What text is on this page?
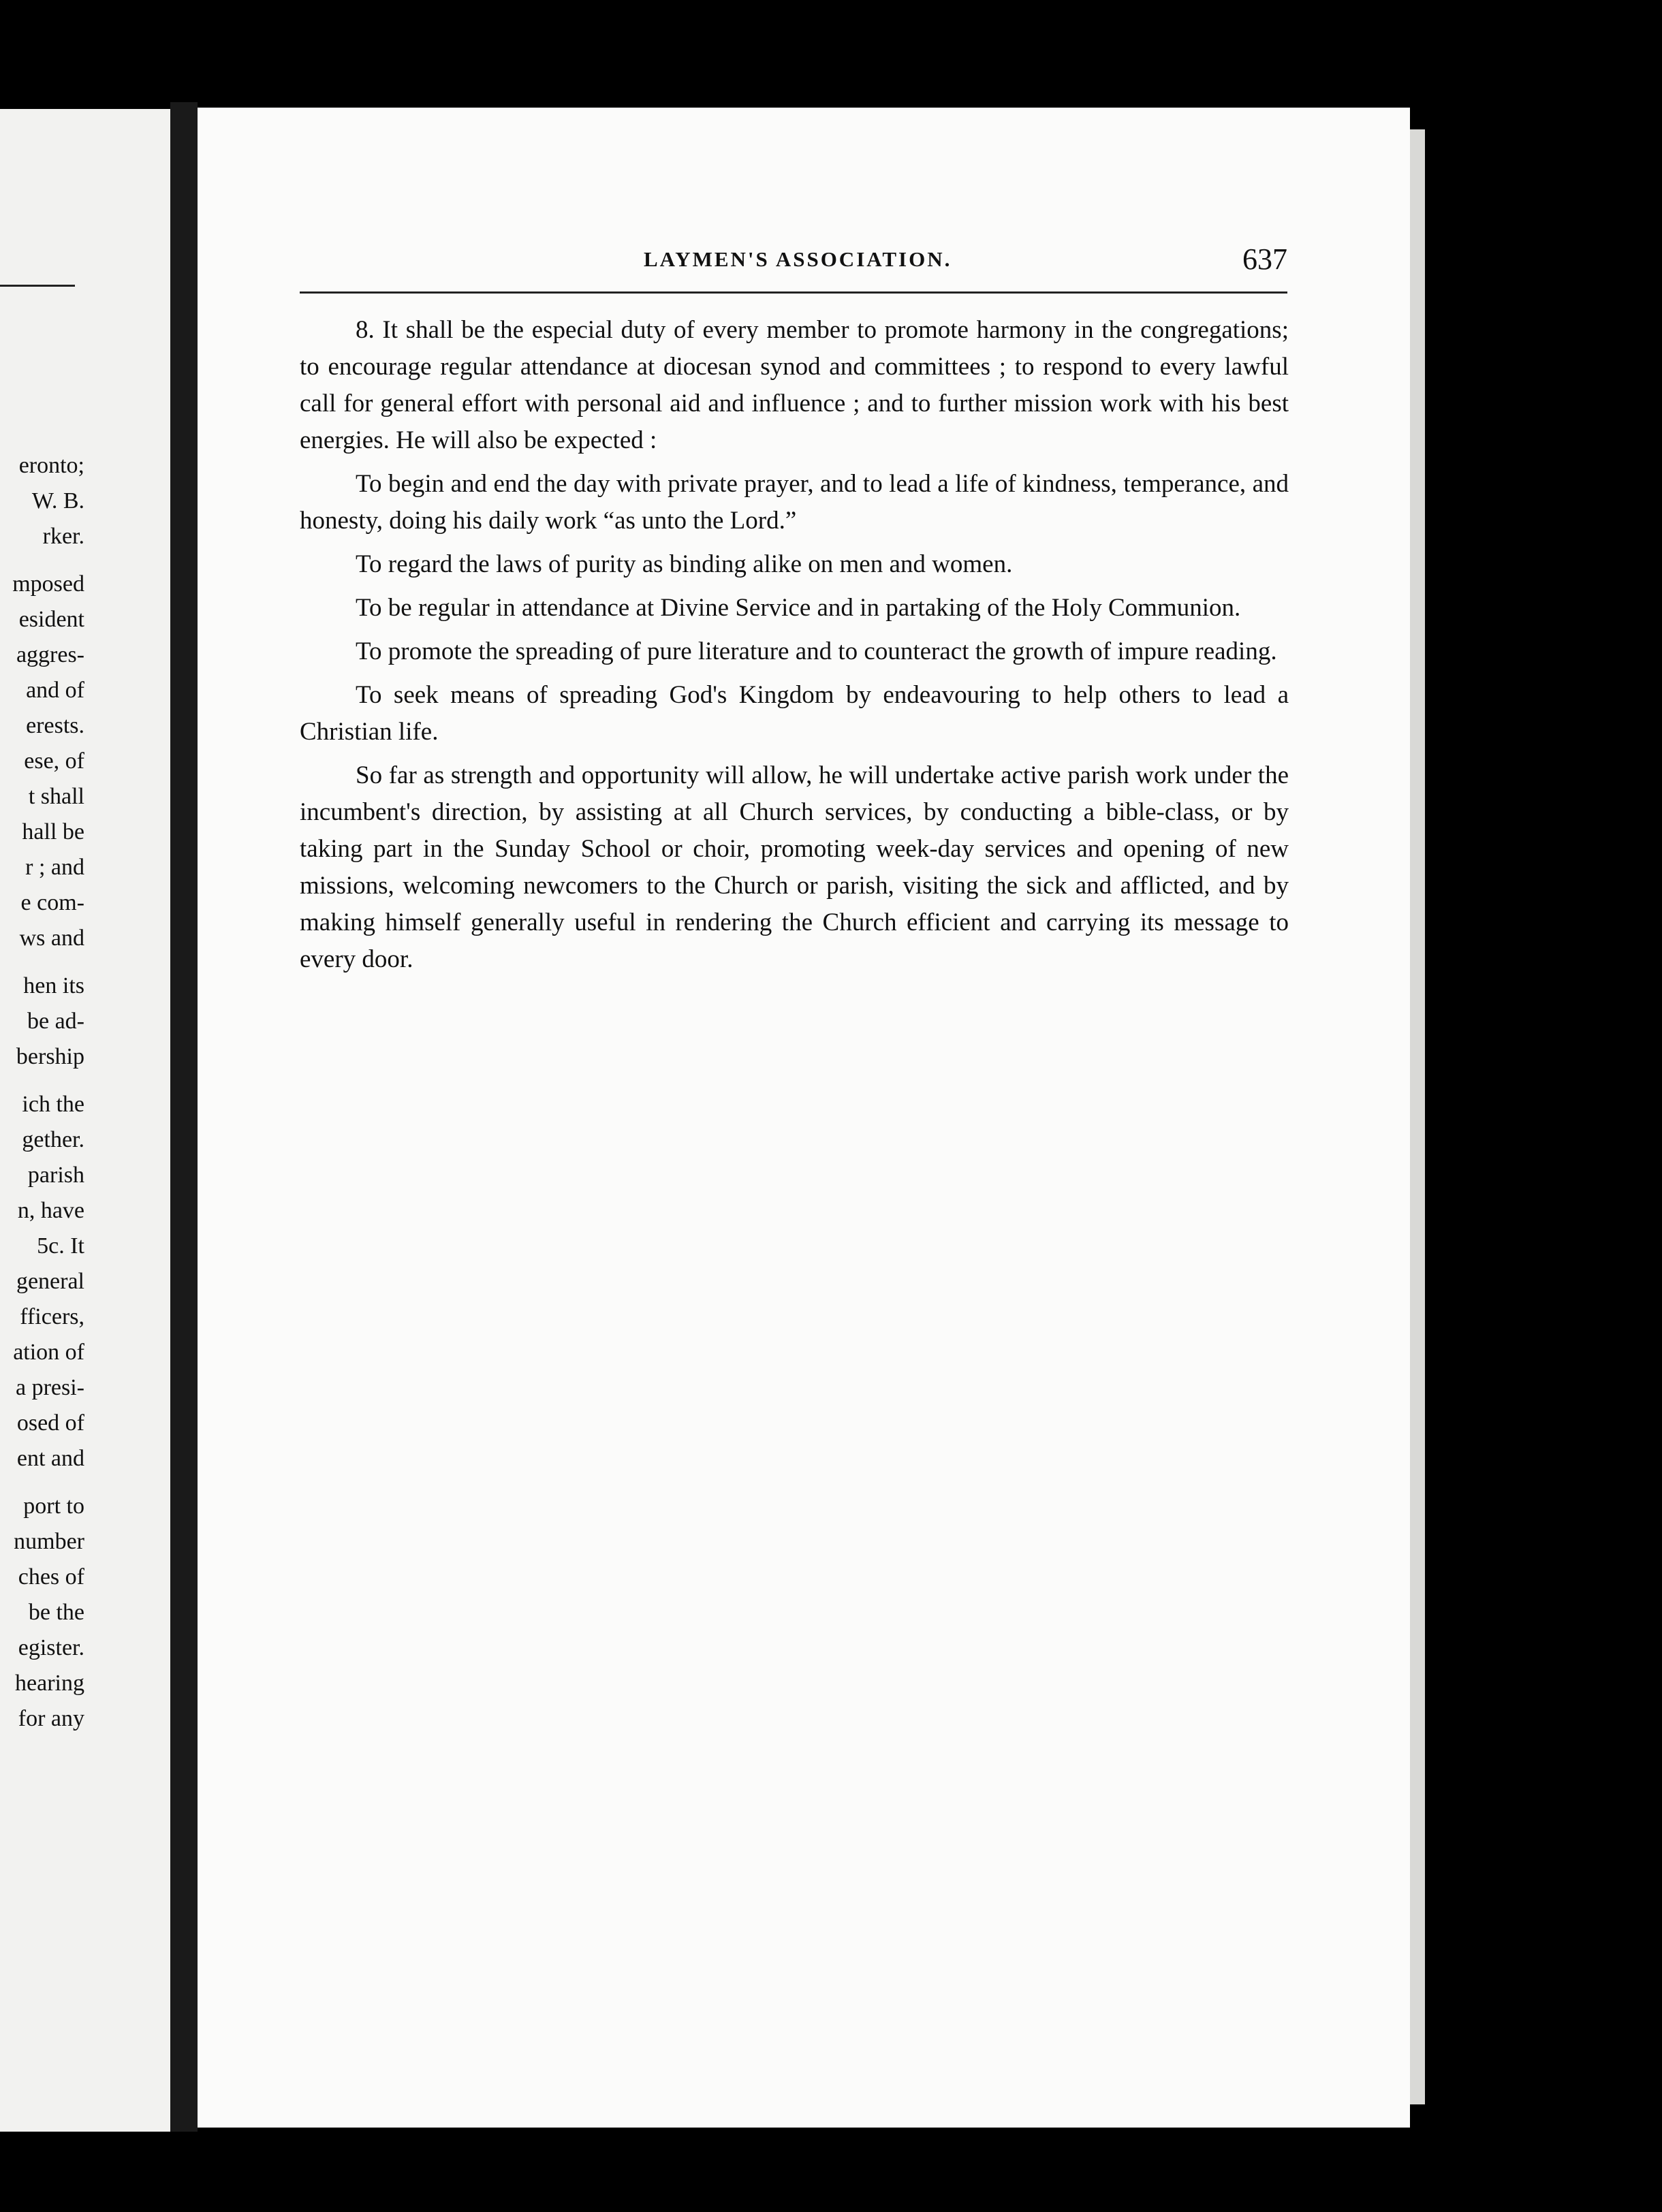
eronto;
W. B.
rker.
mposed
esident
aggres-
and of
erests.
ese, of
t shall
hall be
r ; and
e com-
ws and
hen its
be ad-
bership
ich the
gether.
parish
n, have
5c. It
general
fficers,
ation of
a presi-
osed of
ent and
port to
number
ches of
be the
egister.
hearing
for any
LAYMEN'S ASSOCIATION.	637

8. It shall be the especial duty of every member to promote harmony in the congregations; to encourage regular attendance at diocesan synod and committees ; to respond to every lawful call for general effort with personal aid and influence ; and to further mission work with his best energies. He will also be expected :

To begin and end the day with private prayer, and to lead a life of kindness, temperance, and honesty, doing his daily work “as unto the Lord.”

To regard the laws of purity as binding alike on men and women.

To be regular in attendance at Divine Service and in partaking of the Holy Communion.

To promote the spreading of pure literature and to counteract the growth of impure reading.

To seek means of spreading God's Kingdom by endeavouring to help others to lead a Christian life.

So far as strength and opportunity will allow, he will undertake active parish work under the incumbent's direction, by assisting at all Church services, by conducting a bible-class, or by taking part in the Sunday School or choir, promoting week-day services and opening of new missions, welcoming newcomers to the Church or parish, visiting the sick and afflicted, and by making himself generally useful in rendering the Church efficient and carrying its message to every door.
